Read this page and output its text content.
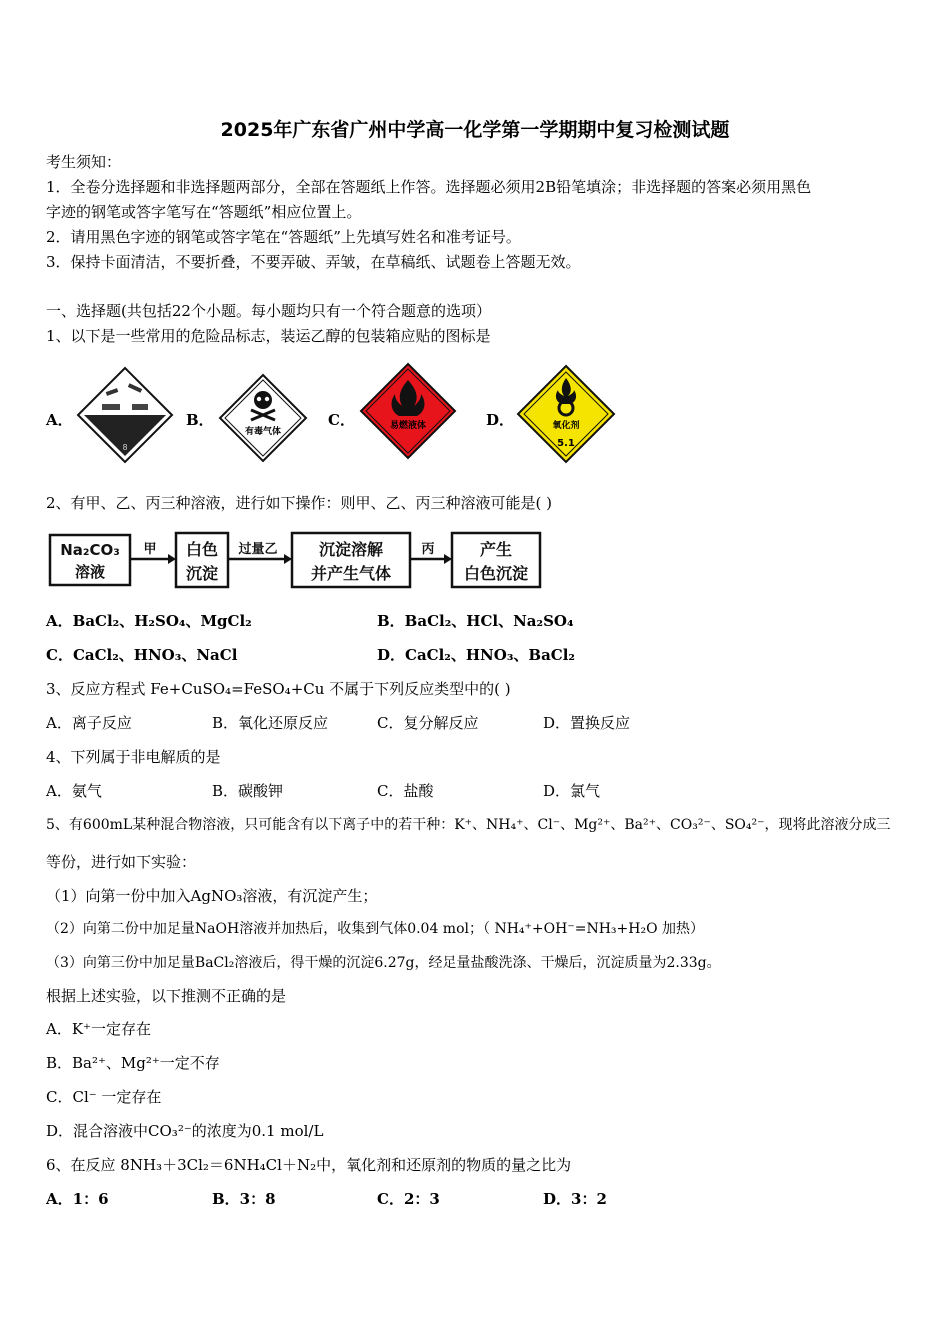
2025年广东省广州中学高一化学第一学期期中复习检测试题
考生须知：
1．全卷分选择题和非选择题两部分，全部在答题纸上作答。选择题必须用2B铅笔填涂；非选择题的答案必须用黑色
字迹的钢笔或答字笔写在“答题纸”相应位置上。
2．请用黑色字迹的钢笔或答字笔在“答题纸”上先填写姓名和准考证号。
3．保持卡面清洁，不要折叠，不要弄破、弄皱，在草稿纸、试题卷上答题无效。
一、选择题(共包括22个小题。每小题均只有一个符合题意的选项）
1、以下是一些常用的危险品标志，装运乙醇的包装箱应贴的图标是
A．
8
B．
有毒气体
C．	易燃液体	D．	氧化剂
5.1
2、有甲、乙、丙三种溶液，进行如下操作：则甲、乙、丙三种溶液可能是( )
Na₂CO₃
溶液
甲 白色
沉淀
过量乙	沉淀溶解
并产生气体
丙	产生
白色沉淀
A．BaCl₂、H₂SO₄、MgCl₂	B．BaCl₂、HCl、Na₂SO₄
C．CaCl₂、HNO₃、NaCl	D．CaCl₂、HNO₃、BaCl₂
3、反应方程式 Fe+CuSO₄=FeSO₄+Cu 不属于下列反应类型中的( )
A．离子反应	B．氧化还原反应	C．复分解反应	D．置换反应
4、下列属于非电解质的是
A．氨气	B．碳酸钾	C．盐酸	D．氯气
5、有600mL某种混合物溶液，只可能含有以下离子中的若干种：K⁺、NH₄⁺、Cl⁻、Mg²⁺、Ba²⁺、CO₃²⁻、SO₄²⁻，现将此溶液分成三
等份，进行如下实验：
（1）向第一份中加入AgNO₃溶液，有沉淀产生；
（2）向第二份中加足量NaOH溶液并加热后，收集到气体0.04 mol；（ NH₄⁺+OH⁻=NH₃+H₂O 加热）
（3）向第三份中加足量BaCl₂溶液后，得干燥的沉淀6.27g，经足量盐酸洗涤、干燥后，沉淀质量为2.33g。
根据上述实验，以下推测不正确的是
A．K⁺一定存在
B．Ba²⁺、Mg²⁺一定不存
C．Cl⁻ 一定存在
D．混合溶液中CO₃²⁻的浓度为0.1 mol/L
6、在反应 8NH₃＋3Cl₂＝6NH₄Cl＋N₂中，氧化剂和还原剂的物质的量之比为
A．1：6	B．3：8	C．2：3	D．3：2
